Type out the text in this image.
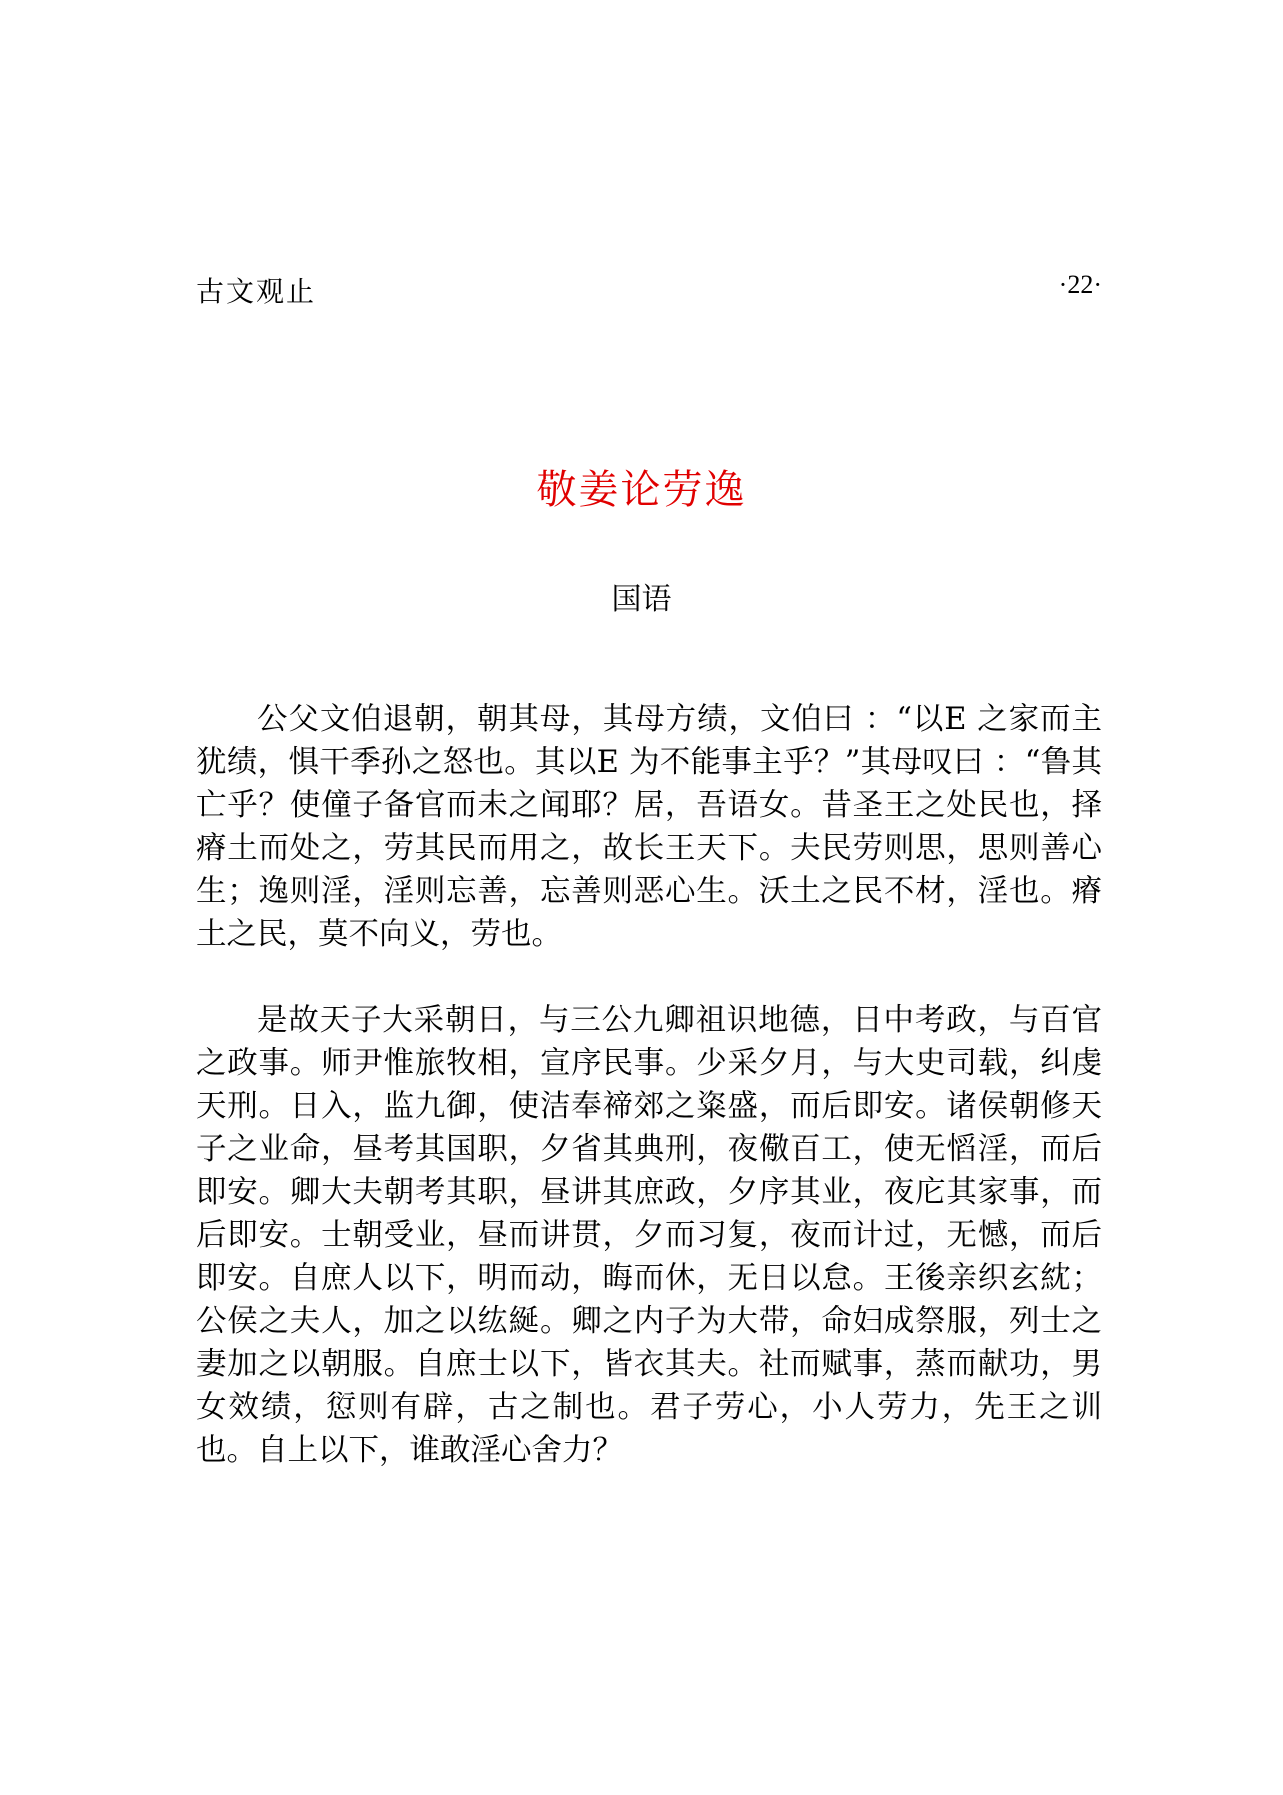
古文观止	·22·
敬姜论劳逸
国语

公父文伯退朝，朝其母，其母方绩，文伯曰 ：“以E 之家而主犹绩，惧干季孙之怒也。其以E 为不能事主乎？”其母叹曰 ：“鲁其亡乎？使僮子备官而未之闻耶？居，吾语女。昔圣王之处民也，择瘠土而处之，劳其民而用之，故长王天下。夫民劳则思，思则善心生；逸则淫，淫则忘善，忘善则恶心生。沃土之民不材，淫也。瘠土之民，莫不向义，劳也。

是故天子大采朝日，与三公九卿祖识地德，日中考政，与百官之政事。师尹惟旅牧相，宣序民事。少采夕月，与大史司载，纠虔天刑。日入，监九御，使洁奉禘郊之粢盛，而后即安。诸侯朝修天子之业命，昼考其国职，夕省其典刑，夜儆百工，使无慆淫，而后即安。卿大夫朝考其职，昼讲其庶政，夕序其业，夜庀其家事，而后即安。士朝受业，昼而讲贯，夕而习复，夜而计过，无憾，而后即安。自庶人以下，明而动，晦而休，无日以怠。王後亲织玄紞；公侯之夫人，加之以纮綖。卿之内子为大带，命妇成祭服，列士之妻加之以朝服。自庶士以下，皆衣其夫。社而赋事，蒸而献功，男女效绩，愆则有辟，古之制也。君子劳心，小人劳力，先王之训也。自上以下，谁敢淫心舍力？
